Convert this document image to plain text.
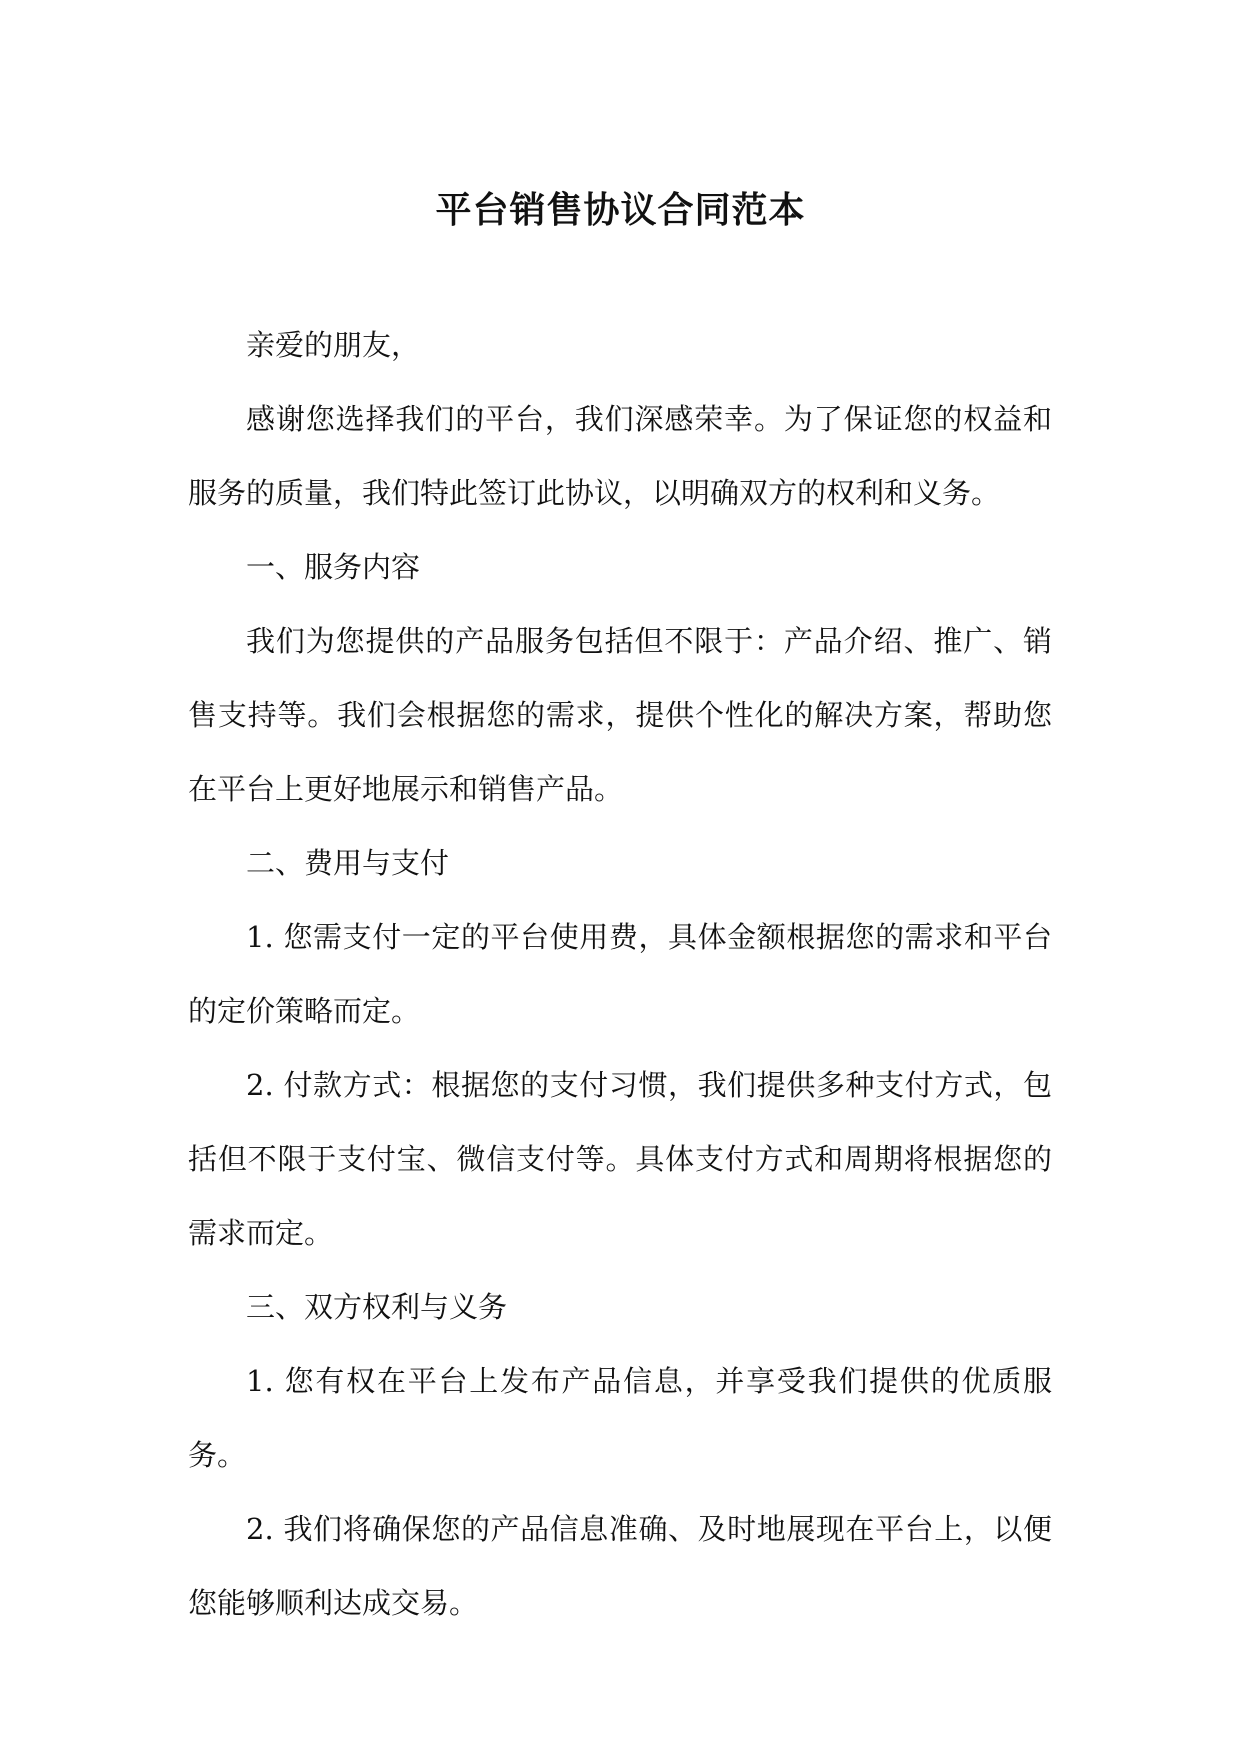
平台销售协议合同范本

亲爱的朋友，

感谢您选择我们的平台，我们深感荣幸。为了保证您的权益和服务的质量，我们特此签订此协议，以明确双方的权利和义务。

一、服务内容

我们为您提供的产品服务包括但不限于：产品介绍、推广、销售支持等。我们会根据您的需求，提供个性化的解决方案，帮助您在平台上更好地展示和销售产品。

二、费用与支付

1. 您需支付一定的平台使用费，具体金额根据您的需求和平台的定价策略而定。

2. 付款方式：根据您的支付习惯，我们提供多种支付方式，包括但不限于支付宝、微信支付等。具体支付方式和周期将根据您的需求而定。

三、双方权利与义务

1. 您有权在平台上发布产品信息，并享受我们提供的优质服务。

2. 我们将确保您的产品信息准确、及时地展现在平台上，以便您能够顺利达成交易。
